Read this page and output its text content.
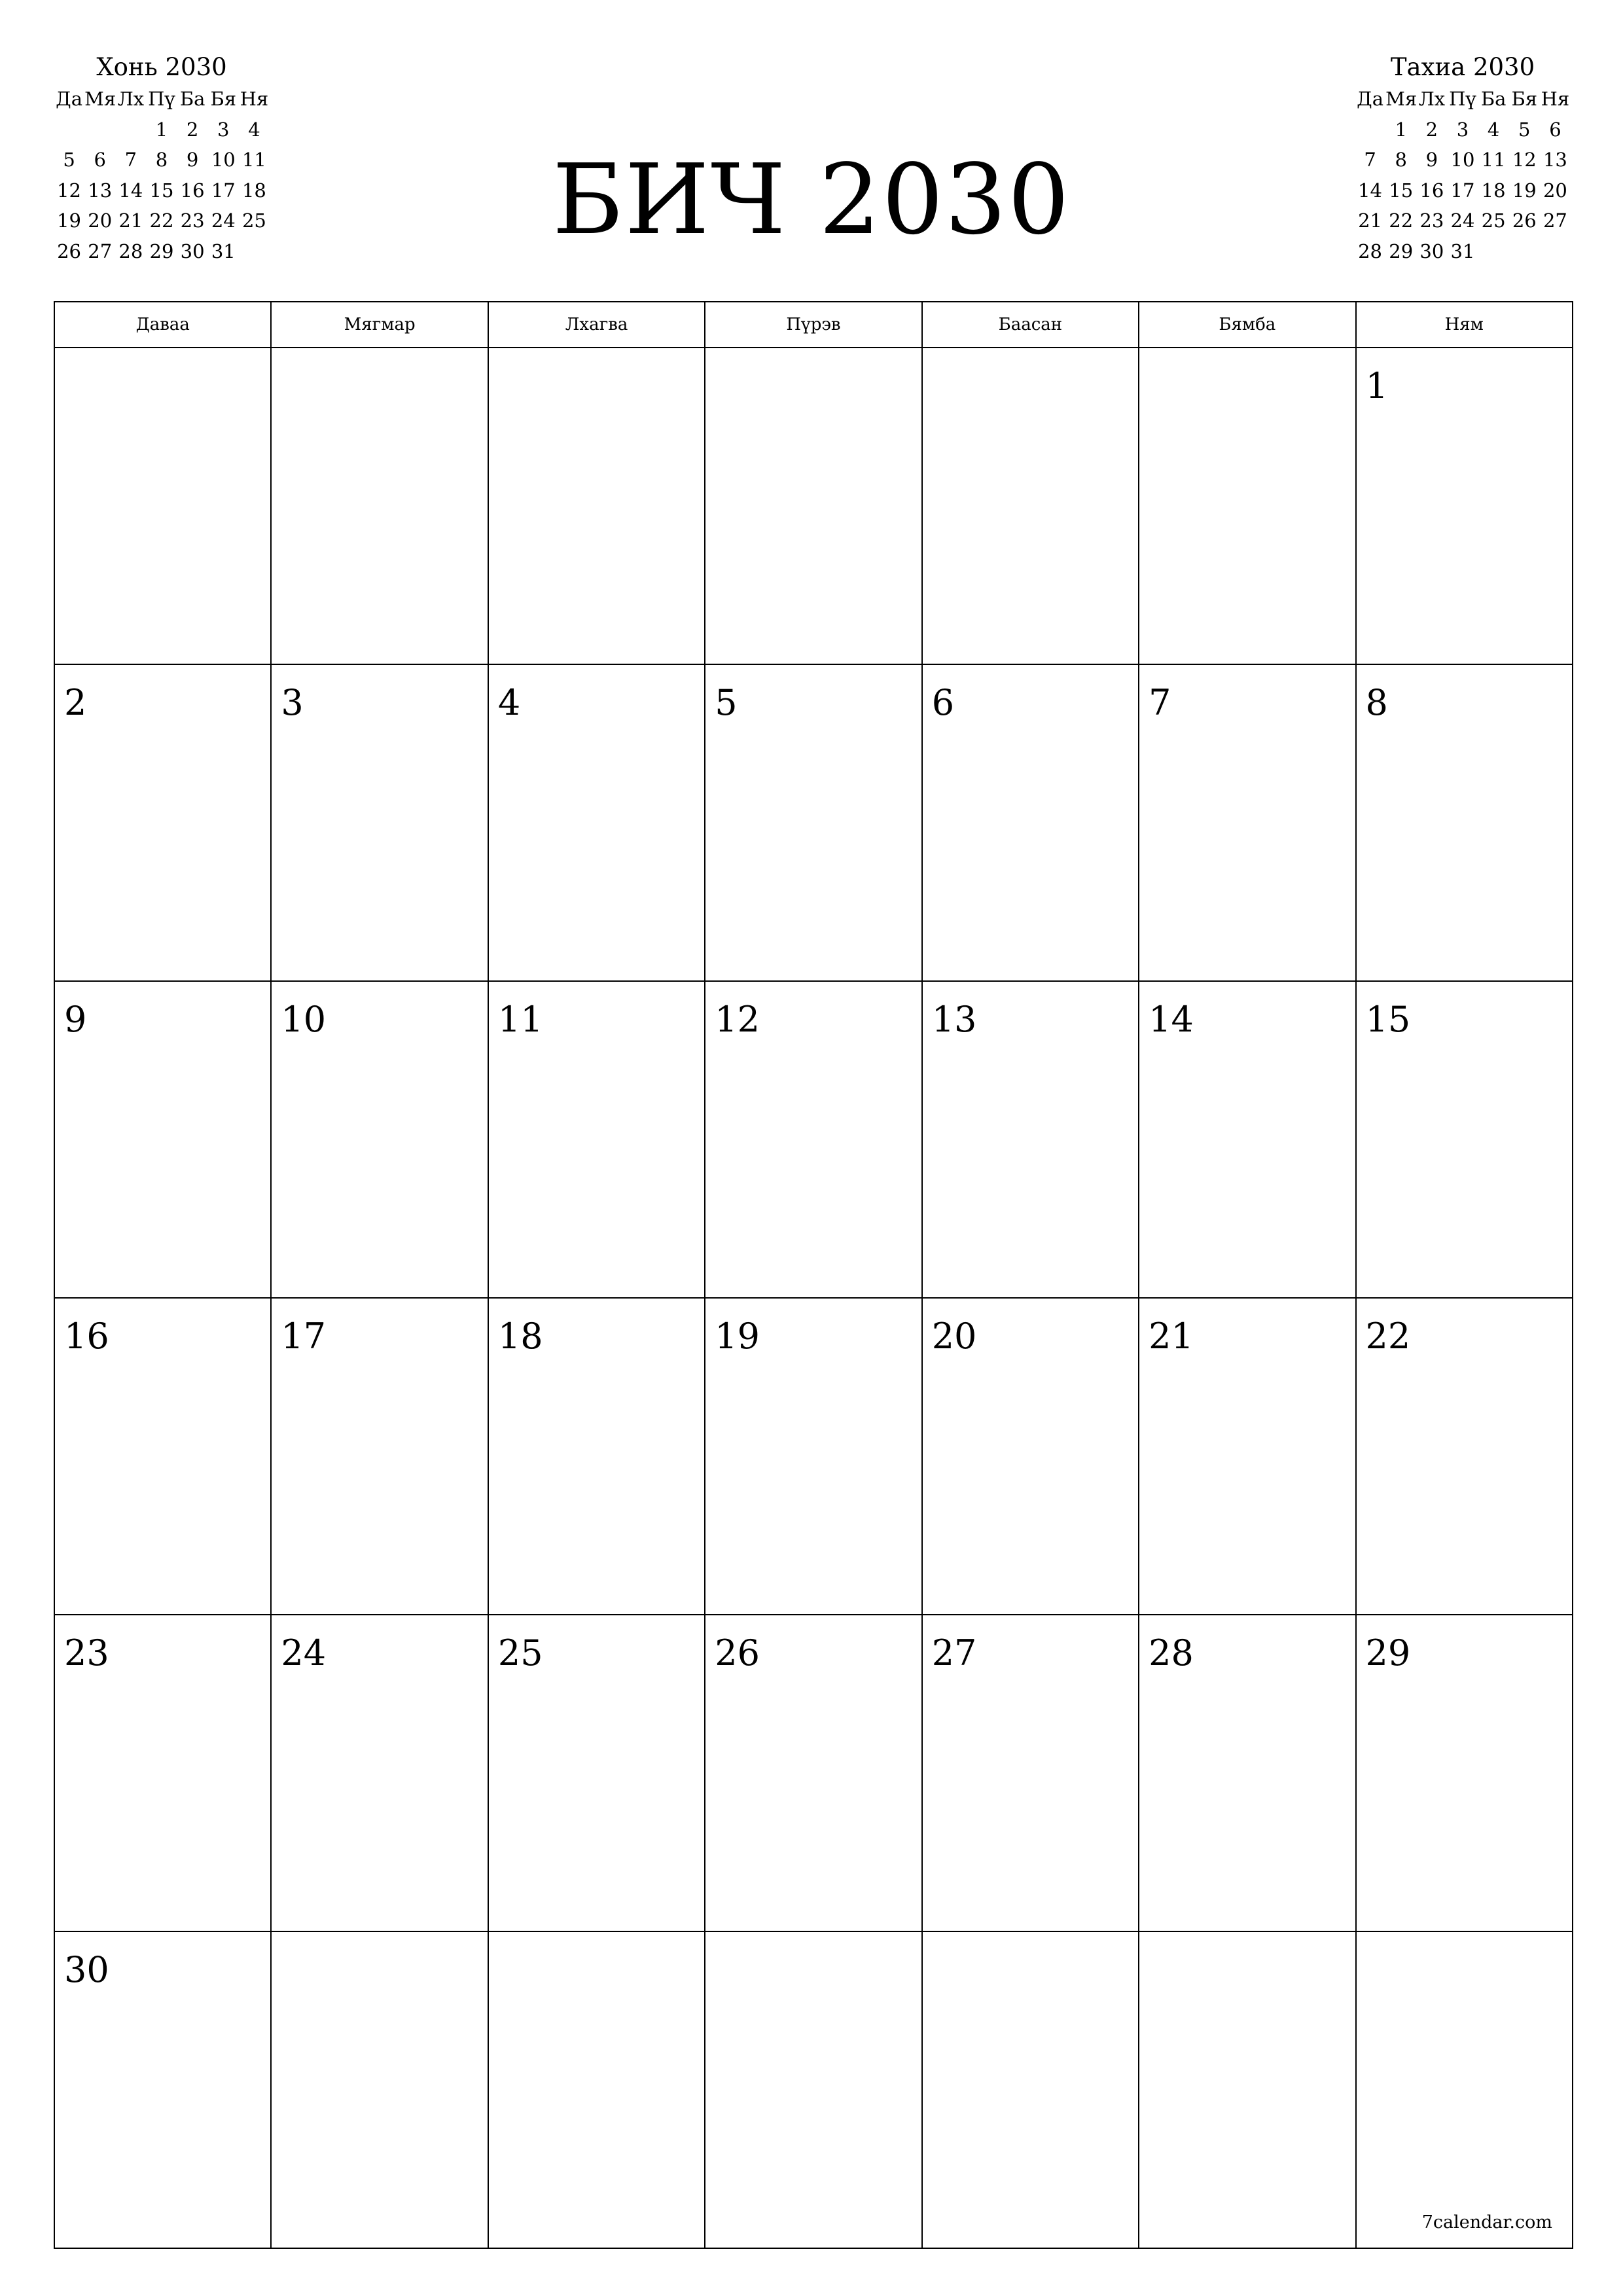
Хонь 2030
Да	Мя	Лх	Пү	Ба	Бя	Ня
			1	2	3	4
5	6	7	8	9	10	11
12	13	14	15	16	17	18
19	20	21	22	23	24	25
26	27	28	29	30	31		БИЧ 2030
Тахиа 2030
Да	Мя	Лх	Пү	Ба	Бя	Ня
	1	2	3	4	5	6
7	8	9	10	11	12	13
14	15	16	17	18	19	20
21	22	23	24	25	26	27
28	29	30	31			
Даваа	Мягмар	Лхагва	Пүрэв	Баасан	Бямба	Ням

						1

2	3	4	5	6	7	8

9	10	11	12	13	14	15

16	17	18	19	20	21	22

23	24	25	26	27	28	29

30						

7calendar.com
